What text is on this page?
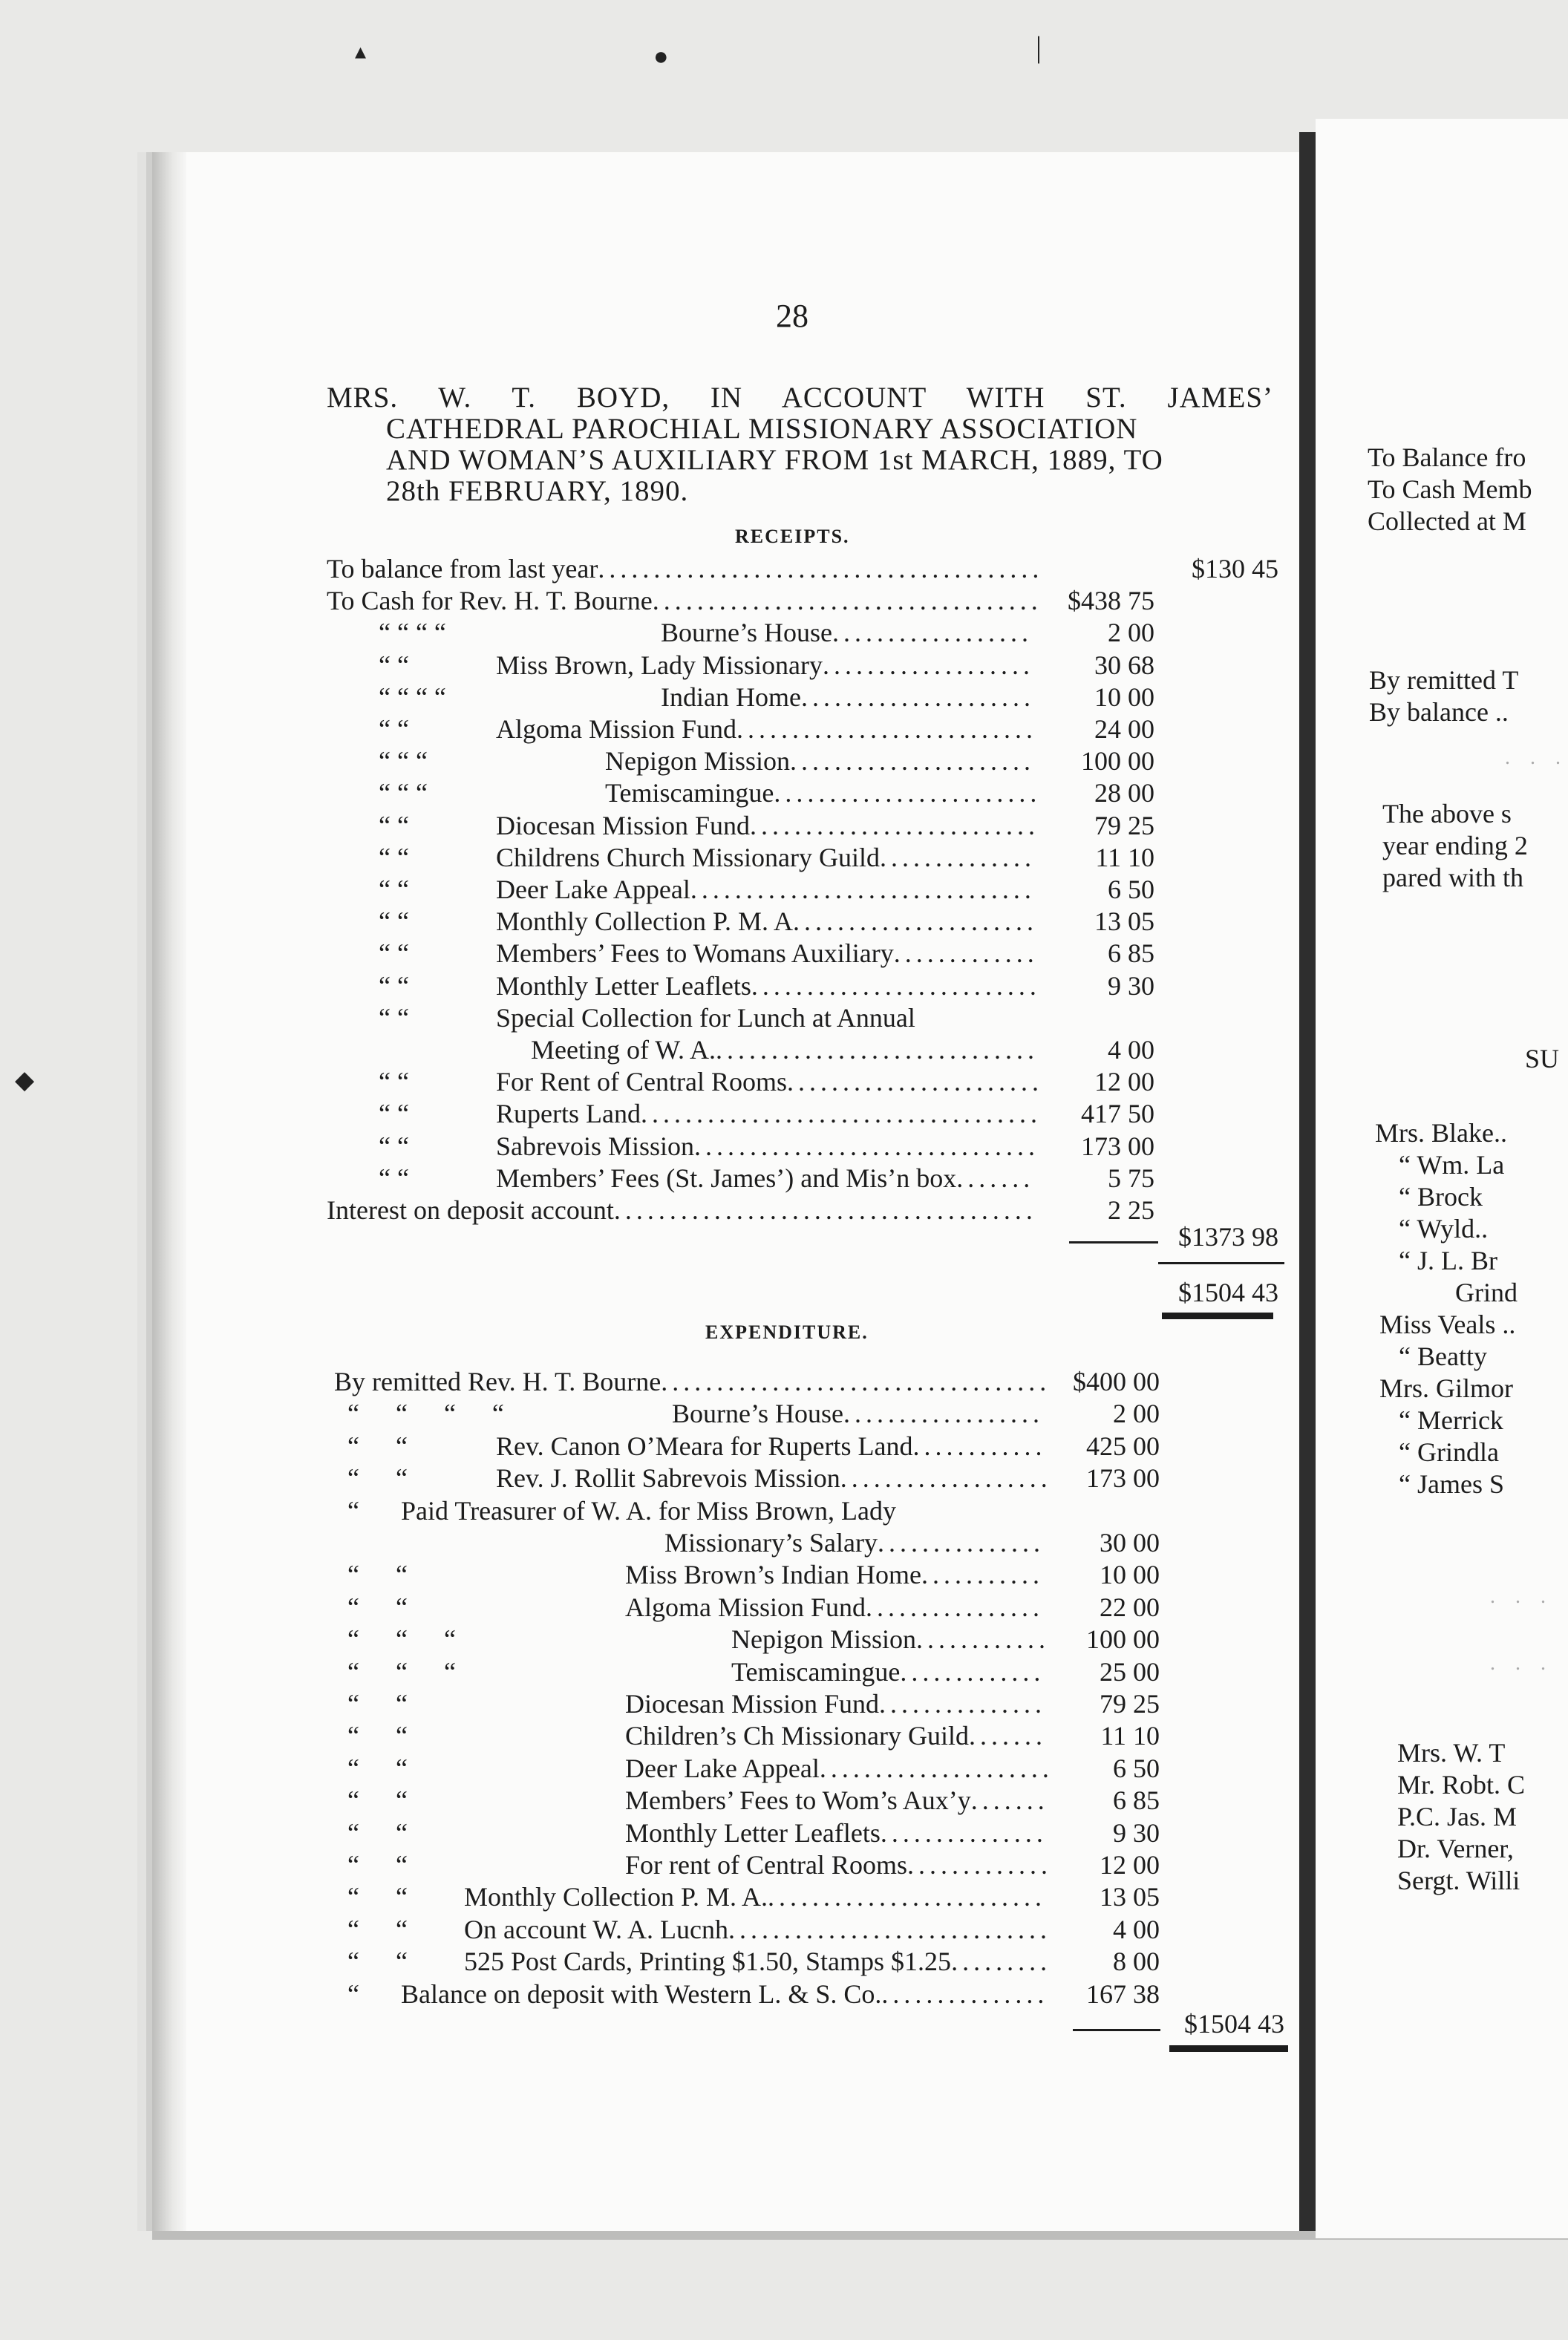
▴	●	|
◆
28
MRS. W. T. BOYD, IN ACCOUNT WITH ST. JAMES’
CATHEDRAL PAROCHIAL MISSIONARY ASSOCIATION
AND WOMAN’S AUXILIARY FROM 1st MARCH, 1889, TO
28th FEBRUARY, 1890.
RECEIPTS.
To balance from last year........................................	$130 45
To Cash for Rev. H. T. Bourne................................... $438 75
“ “ “ “	Bourne’s House..................	2 00
“ “	Miss Brown, Lady Missionary...................	30 68
“ “ “ “	Indian Home.....................	10 00
“ “	Algoma Mission Fund...........................	24 00
“ “ “	Nepigon Mission......................	100 00
“ “ “	Temiscamingue........................	28 00
“ “	Diocesan Mission Fund..........................	79 25
“ “	Childrens Church Missionary Guild..............	11 10
“ “	Deer Lake Appeal...............................	6 50
“ “	Monthly Collection P. M. A......................	13 05
“ “	Members’ Fees to Womans Auxiliary.............	6 85
“ “	Monthly Letter Leaflets..........................	9 30
“ “	Special Collection for Lunch at Annual
Meeting of W. A..............................	4 00
“ “	For Rent of Central Rooms.......................	12 00
“ “	Ruperts Land....................................	417 50
“ “	Sabrevois Mission...............................	173 00
“ “	Members’ Fees (St. James’) and Mis’n box.......	5 75
Interest on deposit account......................................	2 25
$1373 98
$1504 43
EXPENDITURE.
By remitted Rev. H. T. Bourne................................... $400 00
“ “ “ “	Bourne’s House..................	2 00
“ “	Rev. Canon O’Meara for Ruperts Land............	425 00
“ “	Rev. J. Rollit Sabrevois Mission...................	173 00
“ Paid Treasurer of W. A. for Miss Brown, Lady
Missionary’s Salary...............	30 00
“ “	Miss Brown’s Indian Home...........	10 00
“ “	Algoma Mission Fund................	22 00
“ “ “	Nepigon Mission............	100 00
“ “ “	Temiscamingue.............	25 00
“ “	Diocesan Mission Fund...............	79 25
“ “	Children’s Ch Missionary Guild.......	11 10
“ “	Deer Lake Appeal.....................	6 50
“ “	Members’ Fees to Wom’s Aux’y.......	6 85
“ “	Monthly Letter Leaflets...............	9 30
“ “	For rent of Central Rooms.............	12 00
“ “ Monthly Collection P. M. A..........................	13 05
“ “ On account W. A. Lucnh.............................	4 00
“ “ 525 Post Cards, Printing $1.50, Stamps $1.25.........	8 00
“ Balance on deposit with Western L. & S. Co................	167 38
$1504 43
To Balance fro
To Cash Memb
Collected at M
By remitted T
By balance ..
. . .
The above s
year ending 2
pared with th
SU
Mrs. Blake..
“ Wm. La
“ Brock
“ Wyld..
“ J. L. Br
Grind
Miss Veals ..
“ Beatty
Mrs. Gilmor
“ Merrick
“ Grindla
“ James S
. . .
. . .
Mrs. W. T
Mr. Robt. C
P.C. Jas. M
Dr. Verner,
Sergt. Willi
